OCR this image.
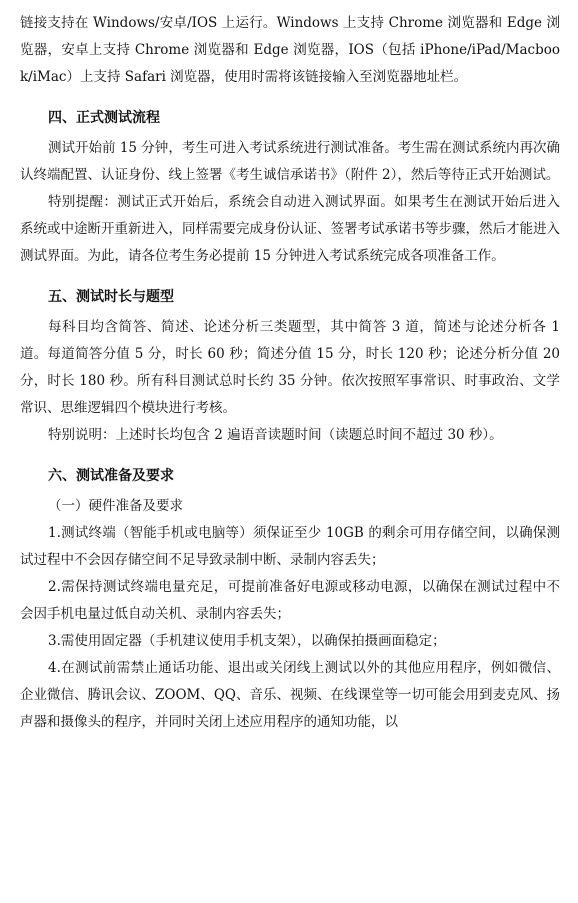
链接支持在 Windows/安卓/IOS 上运行。Windows 上支持 Chrome 浏览器和 Edge 浏览器，安卓上支持 Chrome 浏览器和 Edge 浏览器，IOS（包括 iPhone/iPad/Macbook/iMac）上支持 Safari 浏览器，使用时需将该链接输入至浏览器地址栏。

四、正式测试流程

测试开始前 15 分钟，考生可进入考试系统进行测试准备。考生需在测试系统内再次确认终端配置、认证身份、线上签署《考生诚信承诺书》（附件 2），然后等待正式开始测试。

特别提醒：测试正式开始后，系统会自动进入测试界面。如果考生在测试开始后进入系统或中途断开重新进入，同样需要完成身份认证、签署考试承诺书等步骤，然后才能进入测试界面。为此，请各位考生务必提前 15 分钟进入考试系统完成各项准备工作。

五、测试时长与题型

每科目均含简答、简述、论述分析三类题型，其中简答 3 道，简述与论述分析各 1 道。每道简答分值 5 分，时长 60 秒；简述分值 15 分，时长 120 秒；论述分析分值 20 分，时长 180 秒。所有科目测试总时长约 35 分钟。依次按照军事常识、时事政治、文学常识、思维逻辑四个模块进行考核。

特别说明：上述时长均包含 2 遍语音读题时间（读题总时间不超过 30 秒）。

六、测试准备及要求

（一）硬件准备及要求

1.测试终端（智能手机或电脑等）须保证至少 10GB 的剩余可用存储空间，以确保测试过程中不会因存储空间不足导致录制中断、录制内容丢失；

2.需保持测试终端电量充足，可提前准备好电源或移动电源，以确保在测试过程中不会因手机电量过低自动关机、录制内容丢失；

3.需使用固定器（手机建议使用手机支架），以确保拍摄画面稳定；

4.在测试前需禁止通话功能、退出或关闭线上测试以外的其他应用程序，例如微信、企业微信、腾讯会议、ZOOM、QQ、音乐、视频、在线课堂等一切可能会用到麦克风、扬声器和摄像头的程序，并同时关闭上述应用程序的通知功能，以
